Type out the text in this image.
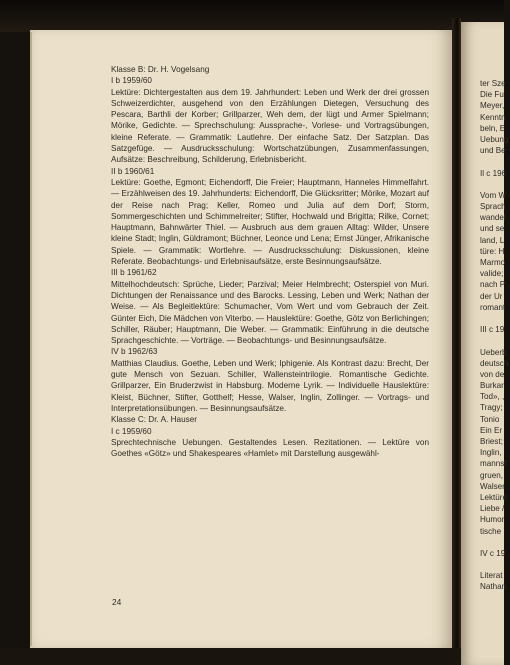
Klasse B: Dr. H. Vogelsang

I b 1959/60

Lektüre: Dichtergestalten aus dem 19. Jahrhundert: Leben und Werk der drei grossen Schweizerdichter, ausgehend von den Erzählungen Dietegen, Versuchung des Pescara, Barthli der Korber; Grillparzer, Weh dem, der lügt und Armer Spielmann; Mörike, Gedichte. — Sprechschulung: Aussprache-, Vorlese- und Vortragsübungen, kleine Referate. — Grammatik: Lautlehre. Der einfache Satz. Der Satzplan. Das Satzgefüge. — Ausdrucksschulung: Wortschatzübungen, Zusammenfassungen, Aufsätze: Beschreibung, Schilderung, Erlebnisbericht.

II b 1960/61

Lektüre: Goethe, Egmont; Eichendorff, Die Freier; Hauptmann, Hanneles Himmelfahrt. — Erzählweisen des 19. Jahrhunderts: Eichendorff, Die Glücksritter; Mörike, Mozart auf der Reise nach Prag; Keller, Romeo und Julia auf dem Dorf; Storm, Sommergeschichten und Schimmelreiter; Stifter, Hochwald und Brigitta; Rilke, Cornet; Hauptmann, Bahnwärter Thiel. — Ausbruch aus dem grauen Alltag: Wilder, Unsere kleine Stadt; Inglin, Güldramont; Büchner, Leonce und Lena; Ernst Jünger, Afrikanische Spiele. — Grammatik: Wortlehre. — Ausdrucksschulung: Diskussionen, kleine Referate. Beobachtungs- und Erlebnisaufsätze, erste Besinnungsaufsätze.

III b 1961/62

Mittelhochdeutsch: Sprüche, Lieder; Parzival; Meier Helmbrecht; Osterspiel von Muri. Dichtungen der Renaissance und des Barocks. Lessing, Leben und Werk; Nathan der Weise. — Als Begleitlektüre: Schumacher, Vom Wert und vom Gebrauch der Zeit. Günter Eich, Die Mädchen von Viterbo. — Hauslektüre: Goethe, Götz von Berlichingen; Schiller, Räuber; Hauptmann, Die Weber. — Grammatik: Einführung in die deutsche Sprachgeschichte. — Vorträge. — Beobachtungs- und Besinnungsaufsätze.

IV b 1962/63

Matthias Claudius. Goethe, Leben und Werk; Iphigenie. Als Kontrast dazu: Brecht, Der gute Mensch von Sezuan. Schiller, Wallensteintrilogie. Romantische Gedichte. Grillparzer, Ein Bruderzwist in Habsburg. Moderne Lyrik. — Individuelle Hauslektüre: Kleist, Büchner, Stifter, Gotthelf; Hesse, Walser, Inglin, Zollinger. — Vortrags- und Interpretationsübungen. — Besinnungsaufsätze.

Klasse C: Dr. A. Hauser

I c 1959/60

Sprechtechnische Uebungen. Gestaltendes Lesen. Rezitationen. — Lektüre von Goethes «Götz» und Shakespeares «Hamlet» mit Darstellung ausgewähl-

24
ter Sze
Die Fu
Meyer,
Kenntn
beln, E
Uebung
und Be
Il c 196
Vom W
Sprach
wandel
und se
land, L
türe: H
Marmo
valide;
nach P
der Ur
romant
III c 19
Ueberb
deutsch
von de
Burkar
Tod», ,
Tragy;
Tonio
Ein Er
Briest;
Inglin,
mannst
gruen,
Walser
Lektüre
Liebe /
Humor
tische
IV c 19
Literat
Nathan
